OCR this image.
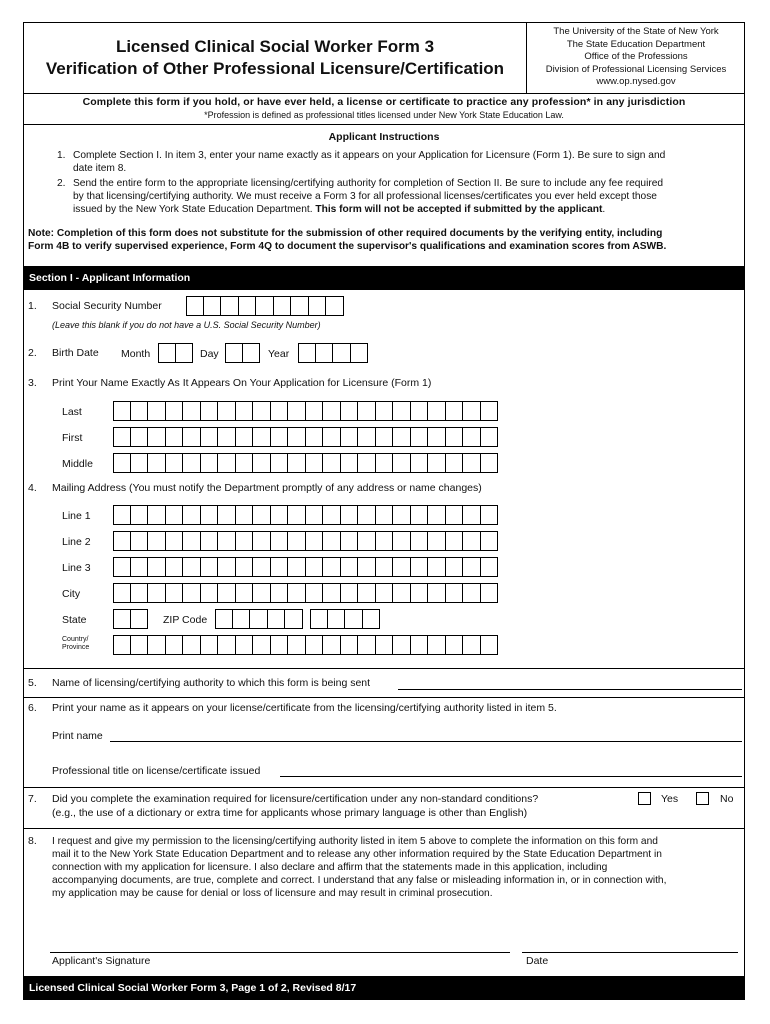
Licensed Clinical Social Worker Form 3
Verification of Other Professional Licensure/Certification
The University of the State of New York
The State Education Department
Office of the Professions
Division of Professional Licensing Services
www.op.nysed.gov
Complete this form if you hold, or have ever held, a license or certificate to practice any profession* in any jurisdiction
*Profession is defined as professional titles licensed under New York State Education Law.
Applicant Instructions
1. Complete Section I. In item 3, enter your name exactly as it appears on your Application for Licensure (Form 1). Be sure to sign and
date item 8.
2. Send the entire form to the appropriate licensing/certifying authority for completion of Section II. Be sure to include any fee required
by that licensing/certifying authority. We must receive a Form 3 for all professional licenses/certificates you ever held except those
issued by the New York State Education Department. This form will not be accepted if submitted by the applicant.
Note: Completion of this form does not substitute for the submission of other required documents by the verifying entity, including
Form 4B to verify supervised experience, Form 4Q to document the supervisor's qualifications and examination scores from ASWB.
Section I - Applicant Information
1. Social Security Number
(Leave this blank if you do not have a U.S. Social Security Number)
2. Birth Date Month	Day	Year
3. Print Your Name Exactly As It Appears On Your Application for Licensure (Form 1)
Last
First
Middle
4. Mailing Address (You must notify the Department promptly of any address or name changes)
Line 1
Line 2
Line 3
City
State	ZIP Code
Country/
Province
5. Name of licensing/certifying authority to which this form is being sent
6. Print your name as it appears on your license/certificate from the licensing/certifying authority listed in item 5.
Print name
Professional title on license/certificate issued
7. Did you complete the examination required for licensure/certification under any non-standard conditions?
(e.g., the use of a dictionary or extra time for applicants whose primary language is other than English)
Yes	No
8. I request and give my permission to the licensing/certifying authority listed in item 5 above to complete the information on this form and
mail it to the New York State Education Department and to release any other information required by the State Education Department in
connection with my application for licensure. I also declare and affirm that the statements made in this application, including
accompanying documents, are true, complete and correct. I understand that any false or misleading information in, or in connection with,
my application may be cause for denial or loss of licensure and may result in criminal prosecution.
Applicant's Signature	Date
Licensed Clinical Social Worker Form 3, Page 1 of 2, Revised 8/17
